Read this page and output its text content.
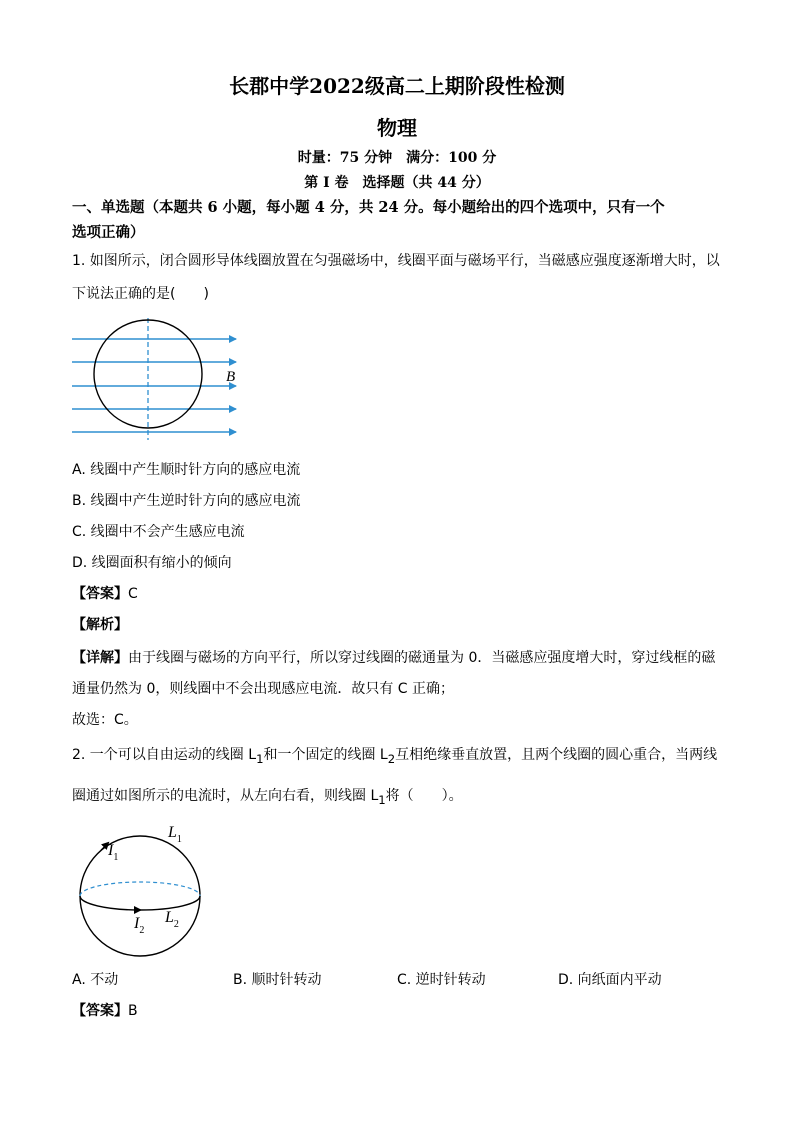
长郡中学2022级高二上期阶段性检测
物理
时量：75 分钟　满分：100 分
第 I 卷　选择题（共 44 分）
一、单选题（本题共 6 小题，每小题 4 分，共 24 分。每小题给出的四个选项中，只有一个
选项正确）
1. 如图所示，闭合圆形导体线圈放置在匀强磁场中，线圈平面与磁场平行，当磁感应强度逐渐增大时，以
下说法正确的是(　　)
B
A. 线圈中产生顺时针方向的感应电流
B. 线圈中产生逆时针方向的感应电流
C. 线圈中不会产生感应电流
D. 线圈面积有缩小的倾向
【答案】C
【解析】
【详解】由于线圈与磁场的方向平行，所以穿过线圈的磁通量为 0．当磁感应强度增大时，穿过线框的磁
通量仍然为 0，则线圈中不会出现感应电流．故只有 C 正确；
故选：C。
2. 一个可以自由运动的线圈 $L_1$和一个固定的线圈 $L_2$互相绝缘垂直放置，且两个线圈的圆心重合，当两线
圈通过如图所示的电流时，从左向右看，则线圈 $L_1$将（　　）。
$I_1$
$L_1$
$I_2$
$L_2$
A. 不动	B. 顺时针转动	C. 逆时针转动	D. 向纸面内平动
【答案】B
